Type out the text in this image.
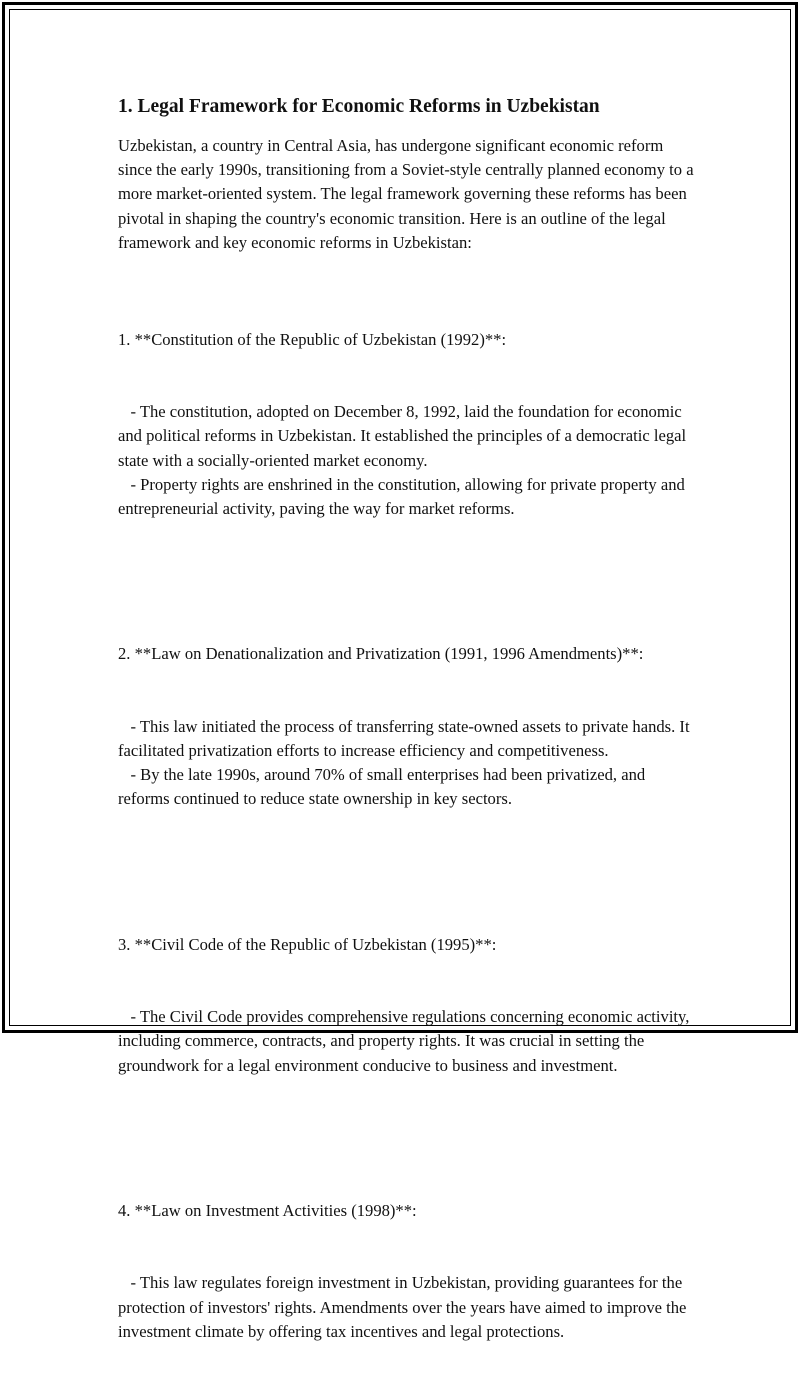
1. Legal Framework for Economic Reforms in Uzbekistan

Uzbekistan, a country in Central Asia, has undergone significant economic reform since the early 1990s, transitioning from a Soviet-style centrally planned economy to a more market-oriented system. The legal framework governing these reforms has been pivotal in shaping the country's economic transition. Here is an outline of the legal framework and key economic reforms in Uzbekistan:

1. **Constitution of the Republic of Uzbekistan (1992)**:

- The constitution, adopted on December 8, 1992, laid the foundation for economic and political reforms in Uzbekistan. It established the principles of a democratic legal state with a socially-oriented market economy.
- Property rights are enshrined in the constitution, allowing for private property and entrepreneurial activity, paving the way for market reforms.

2. **Law on Denationalization and Privatization (1991, 1996 Amendments)**:

- This law initiated the process of transferring state-owned assets to private hands. It facilitated privatization efforts to increase efficiency and competitiveness.
- By the late 1990s, around 70% of small enterprises had been privatized, and reforms continued to reduce state ownership in key sectors.

3. **Civil Code of the Republic of Uzbekistan (1995)**:

- The Civil Code provides comprehensive regulations concerning economic activity, including commerce, contracts, and property rights. It was crucial in setting the groundwork for a legal environment conducive to business and investment.

4. **Law on Investment Activities (1998)**:

- This law regulates foreign investment in Uzbekistan, providing guarantees for the protection of investors' rights. Amendments over the years have aimed to improve the investment climate by offering tax incentives and legal protections.
